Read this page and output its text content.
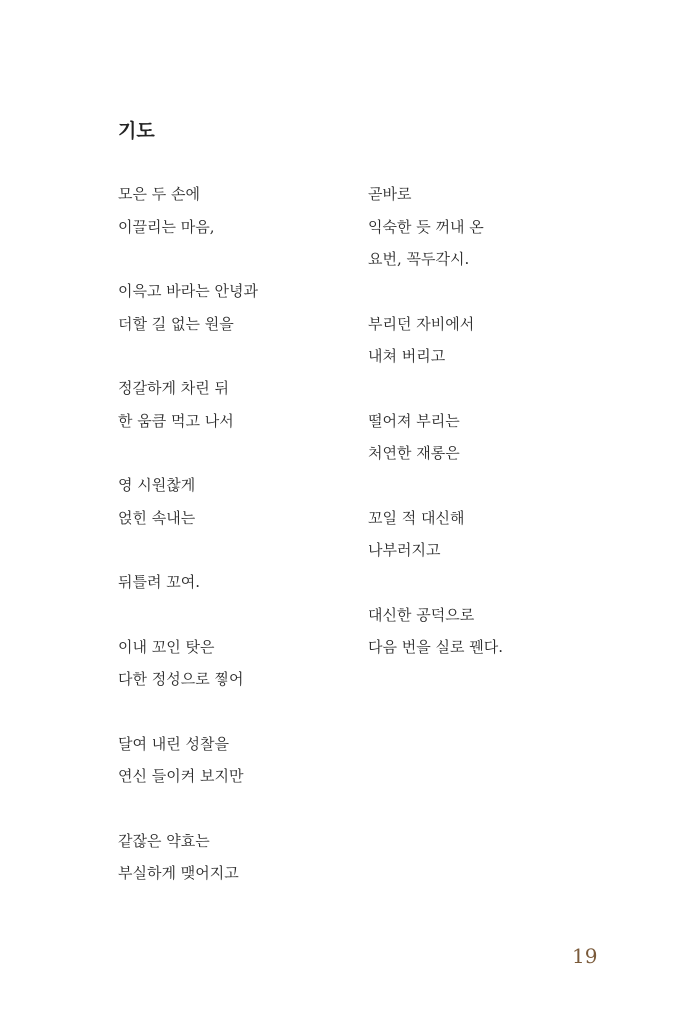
기도
모은 두 손에
이끌리는 마음,
이윽고 바라는 안녕과
더할 길 없는 원을
정갈하게 차린 뒤
한 움큼 먹고 나서
영 시원찮게
얹힌 속내는
뒤틀려 꼬여.
이내 꼬인 탓은
다한 정성으로 찧어
달여 내린 성찰을
연신 들이켜 보지만
같잖은 약효는
부실하게 맺어지고
곧바로
익숙한 듯 꺼내 온
요번, 꼭두각시.
부리던 자비에서
내쳐 버리고
떨어져 부리는
처연한 재롱은
꼬일 적 대신해
나부러지고
대신한 공덕으로
다음 번을 실로 꿴다.
19
